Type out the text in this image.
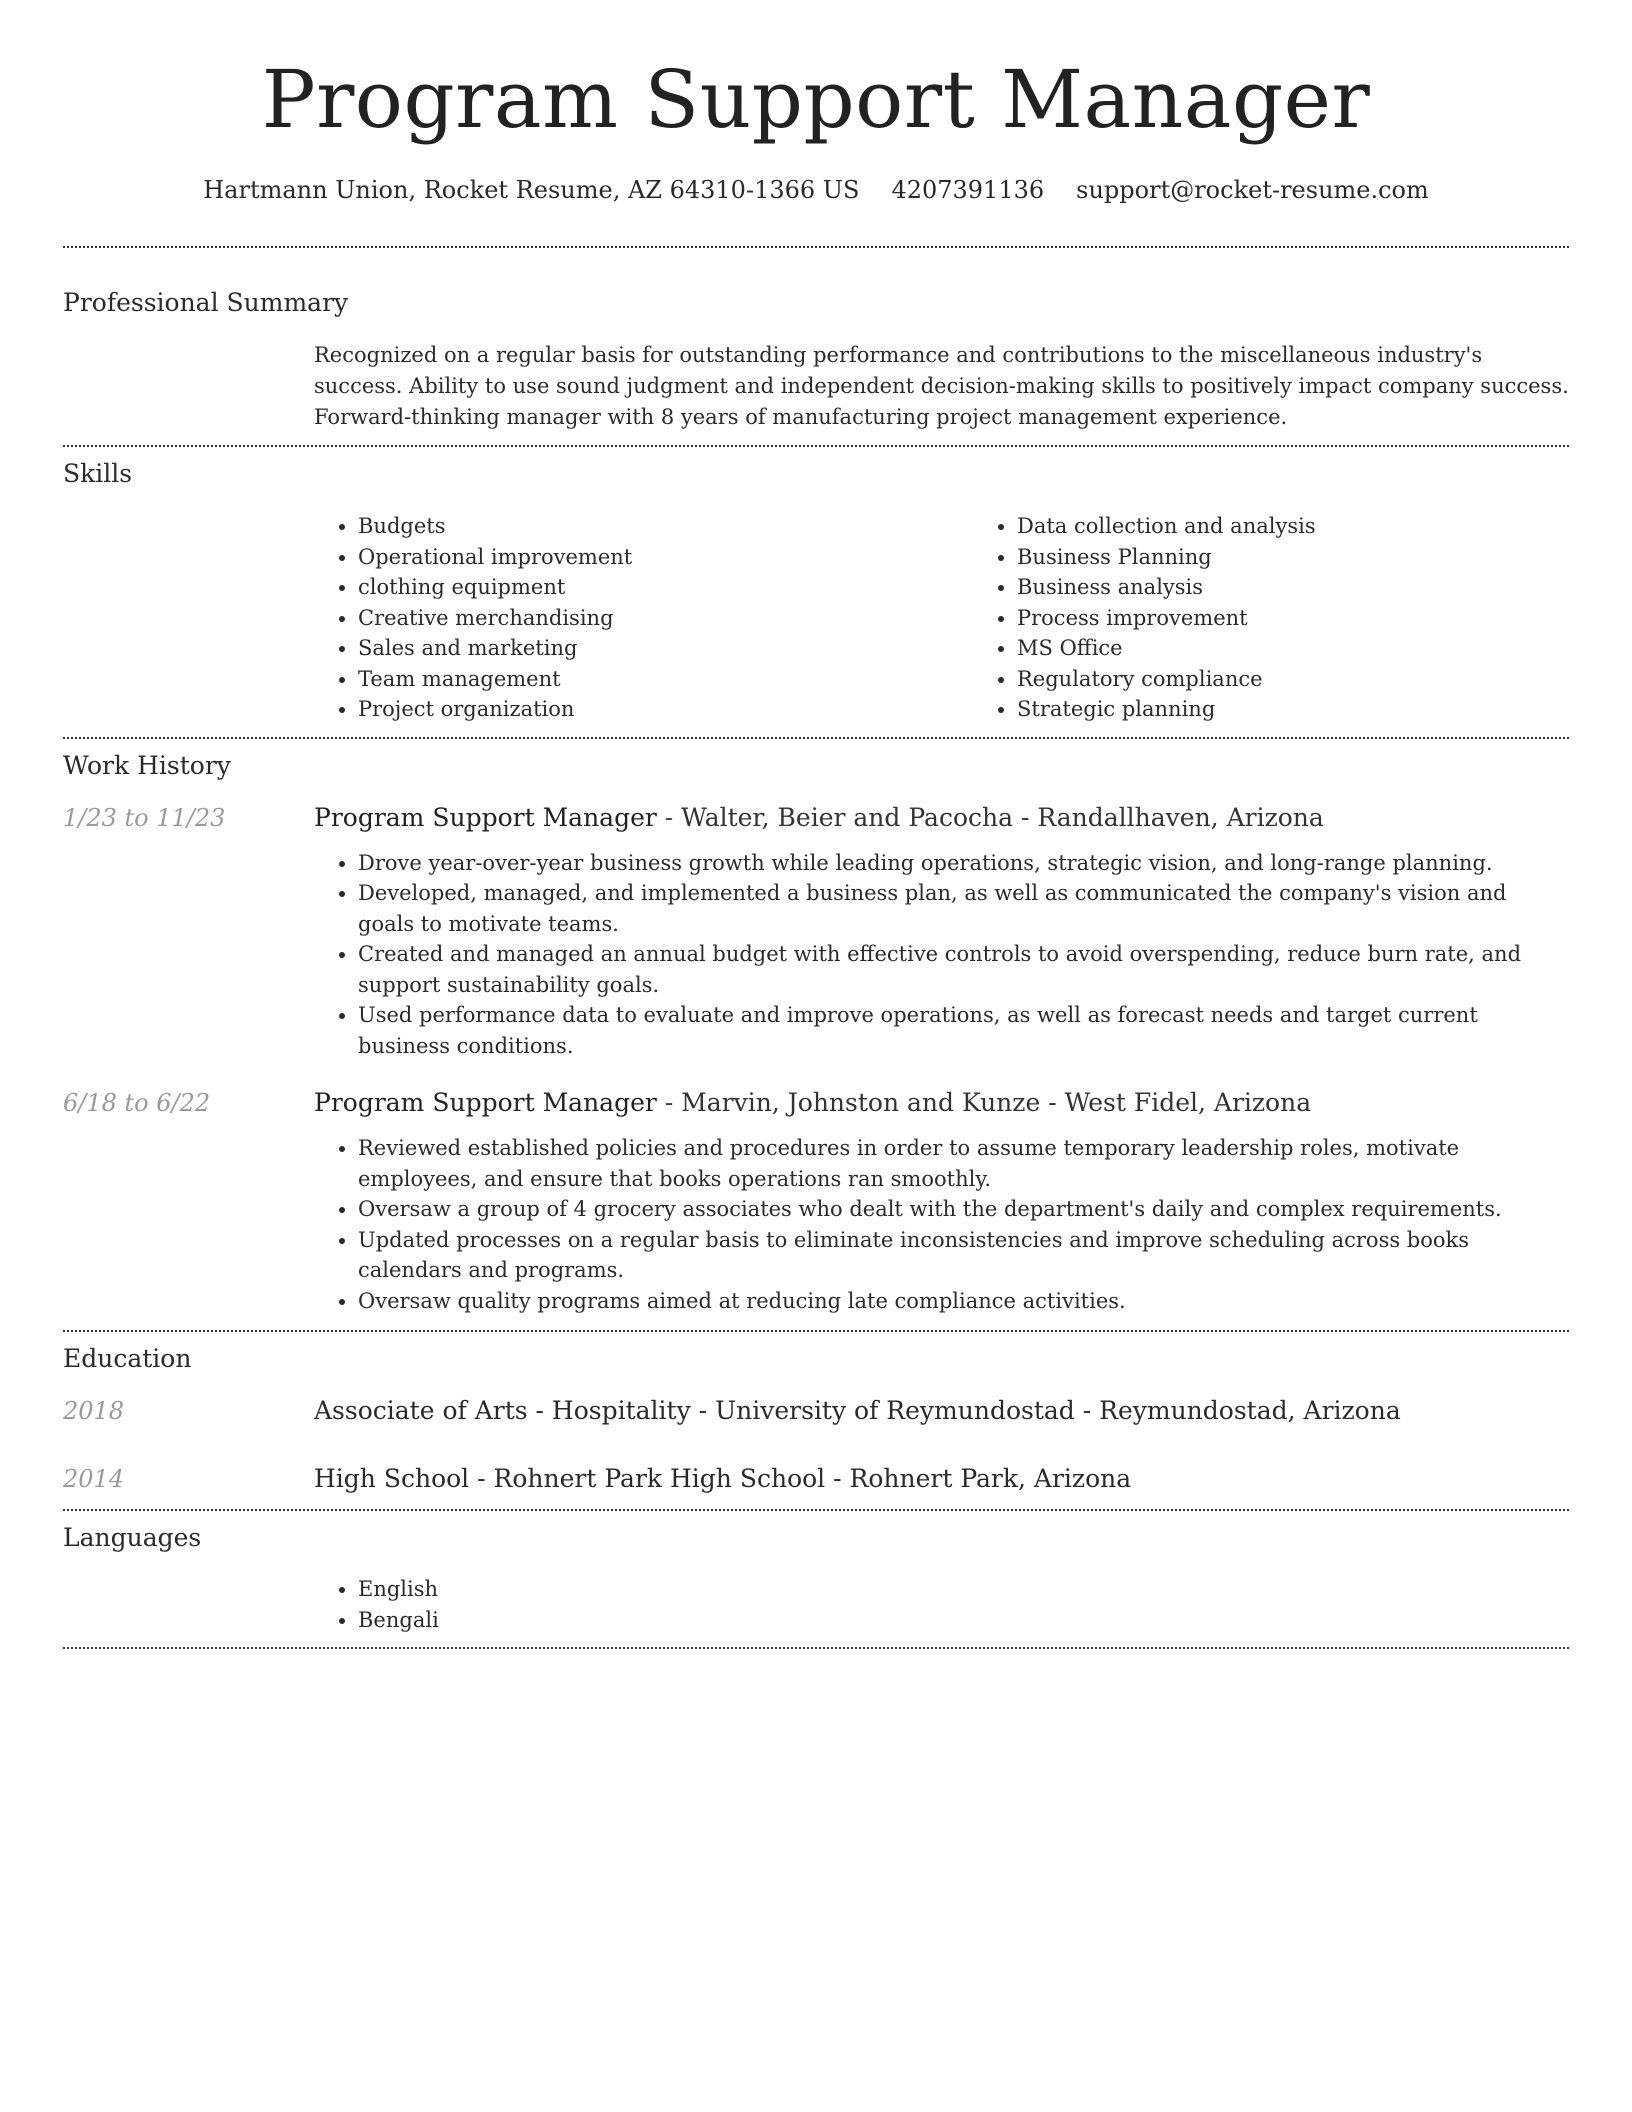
Program Support Manager
Hartmann Union, Rocket Resume, AZ 64310-1366 US 4207391136 support@rocket-resume.com
Professional Summary

Recognized on a regular basis for outstanding performance and contributions to the miscellaneous industry's success. Ability to use sound judgment and independent decision-making skills to positively impact company success. Forward-thinking manager with 8 years of manufacturing project management experience.

Skills
• Budgets
• Operational improvement
• clothing equipment
• Creative merchandising
• Sales and marketing
• Team management
• Project organization
• Data collection and analysis
• Business Planning
• Business analysis
• Process improvement
• MS Office
• Regulatory compliance
• Strategic planning
Work History
1/23 to 11/23	Program Support Manager - Walter, Beier and Pacocha - Randallhaven, Arizona

• Drove year-over-year business growth while leading operations, strategic vision, and long-range planning.
• Developed, managed, and implemented a business plan, as well as communicated the company's vision and goals to motivate teams.
• Created and managed an annual budget with effective controls to avoid overspending, reduce burn rate, and support sustainability goals.
• Used performance data to evaluate and improve operations, as well as forecast needs and target current business conditions.
6/18 to 6/22	Program Support Manager - Marvin, Johnston and Kunze - West Fidel, Arizona

• Reviewed established policies and procedures in order to assume temporary leadership roles, motivate employees, and ensure that books operations ran smoothly.
• Oversaw a group of 4 grocery associates who dealt with the department's daily and complex requirements.
• Updated processes on a regular basis to eliminate inconsistencies and improve scheduling across books calendars and programs.
• Oversaw quality programs aimed at reducing late compliance activities.
Education
2018	Associate of Arts - Hospitality - University of Reymundostad - Reymundostad, Arizona

2014	High School - Rohnert Park High School - Rohnert Park, Arizona

Languages
• English
• Bengali
